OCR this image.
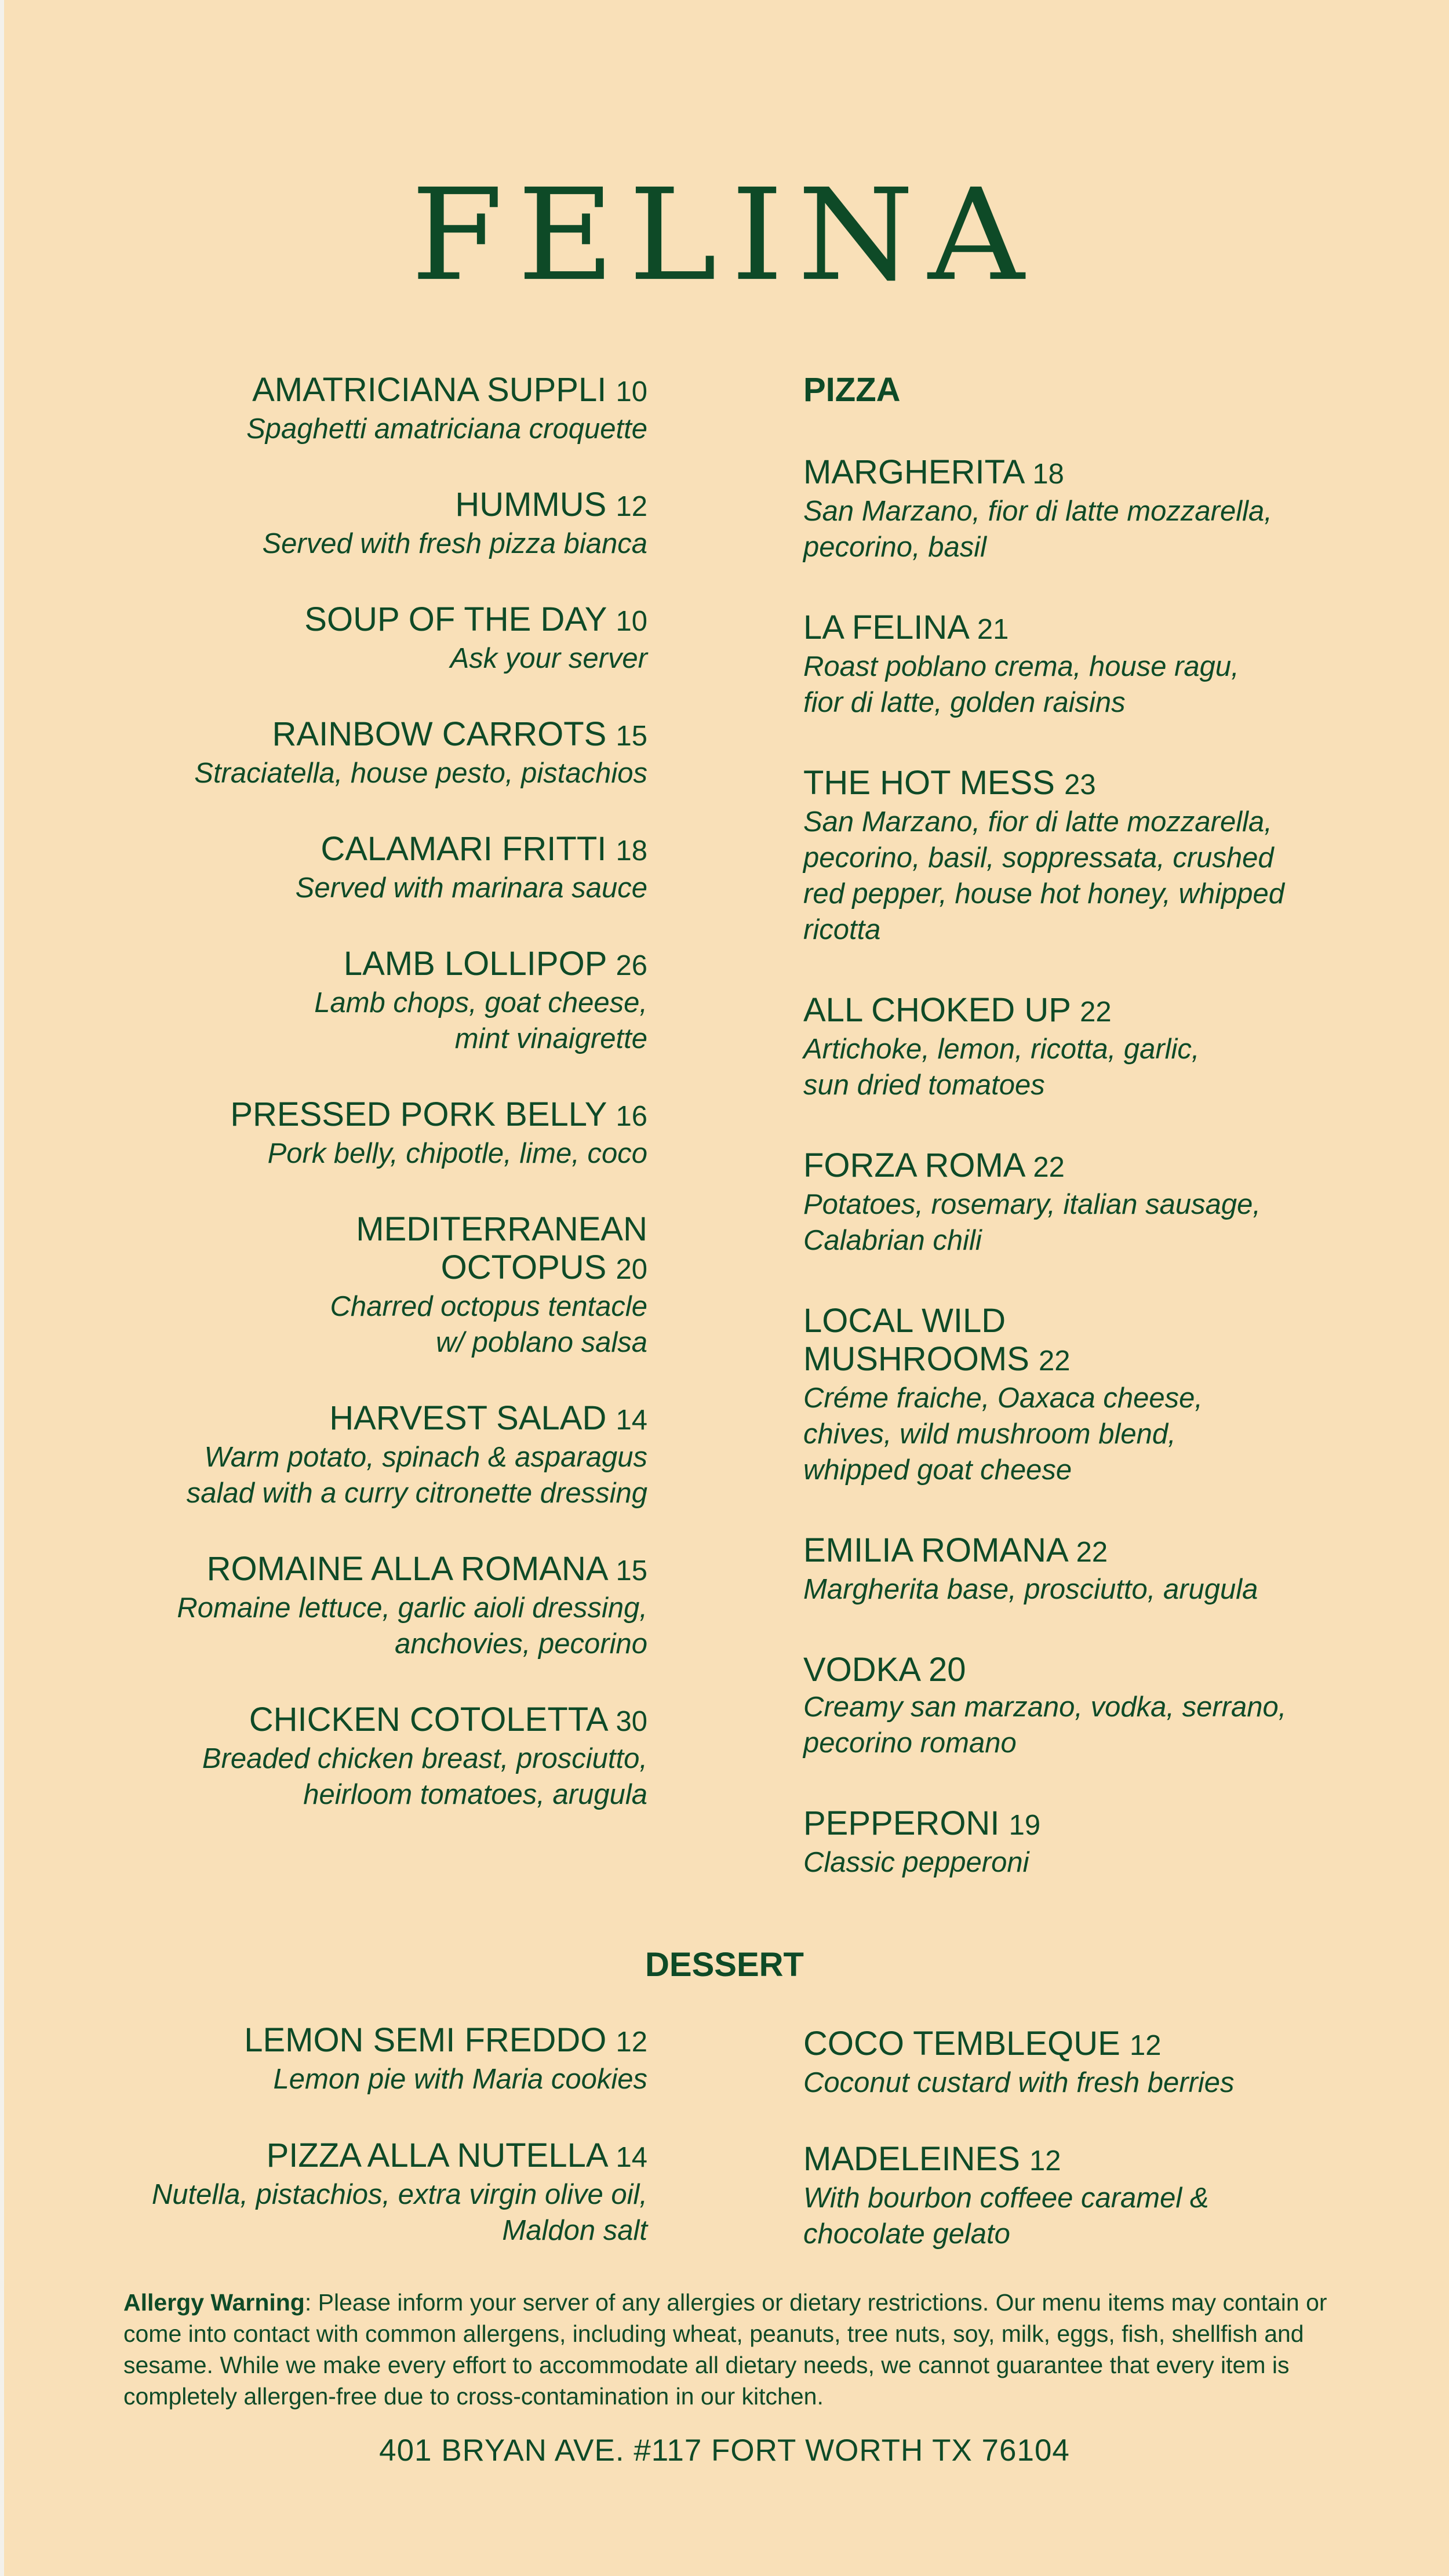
FELINA
AMATRICIANA SUPPLI 10
Spaghetti amatriciana croquette
HUMMUS 12
Served with fresh pizza bianca
SOUP OF THE DAY 10
Ask your server
RAINBOW CARROTS 15
Straciatella, house pesto, pistachios
CALAMARI FRITTI 18
Served with marinara sauce
LAMB LOLLIPOP 26
Lamb chops, goat cheese,
mint vinaigrette
PRESSED PORK BELLY 16
Pork belly, chipotle, lime, coco
MEDITERRANEAN
OCTOPUS 20
Charred octopus tentacle
w/ poblano salsa
HARVEST SALAD 14
Warm potato, spinach & asparagus
salad with a curry citronette dressing
ROMAINE ALLA ROMANA 15
Romaine lettuce, garlic aioli dressing,
anchovies, pecorino
CHICKEN COTOLETTA 30
Breaded chicken breast, prosciutto,
heirloom tomatoes, arugula
PIZZA
MARGHERITA 18
San Marzano, fior di latte mozzarella,
pecorino, basil
LA FELINA 21
Roast poblano crema, house ragu,
fior di latte, golden raisins
THE HOT MESS 23
San Marzano, fior di latte mozzarella,
pecorino, basil, soppressata, crushed
red pepper, house hot honey, whipped
ricotta
ALL CHOKED UP 22
Artichoke, lemon, ricotta, garlic,
sun dried tomatoes
FORZA ROMA 22
Potatoes, rosemary, italian sausage,
Calabrian chili
LOCAL WILD
MUSHROOMS 22
Créme fraiche, Oaxaca cheese,
chives, wild mushroom blend,
whipped goat cheese
EMILIA ROMANA 22
Margherita base, prosciutto, arugula
VODKA 20
Creamy san marzano, vodka, serrano,
pecorino romano
PEPPERONI 19
Classic pepperoni
DESSERT
LEMON SEMI FREDDO 12
Lemon pie with Maria cookies
PIZZA ALLA NUTELLA 14
Nutella, pistachios, extra virgin olive oil,
Maldon salt
COCO TEMBLEQUE 12
Coconut custard with fresh berries
MADELEINES 12
With bourbon coffeee caramel &
chocolate gelato
Allergy Warning: Please inform your server of any allergies or dietary restrictions. Our menu items may contain or come into contact with common allergens, including wheat, peanuts, tree nuts, soy, milk, eggs, fish, shellfish and sesame. While we make every effort to accommodate all dietary needs, we cannot guarantee that every item is completely allergen-free due to cross-contamination in our kitchen.
401 BRYAN AVE. #117 FORT WORTH TX 76104
